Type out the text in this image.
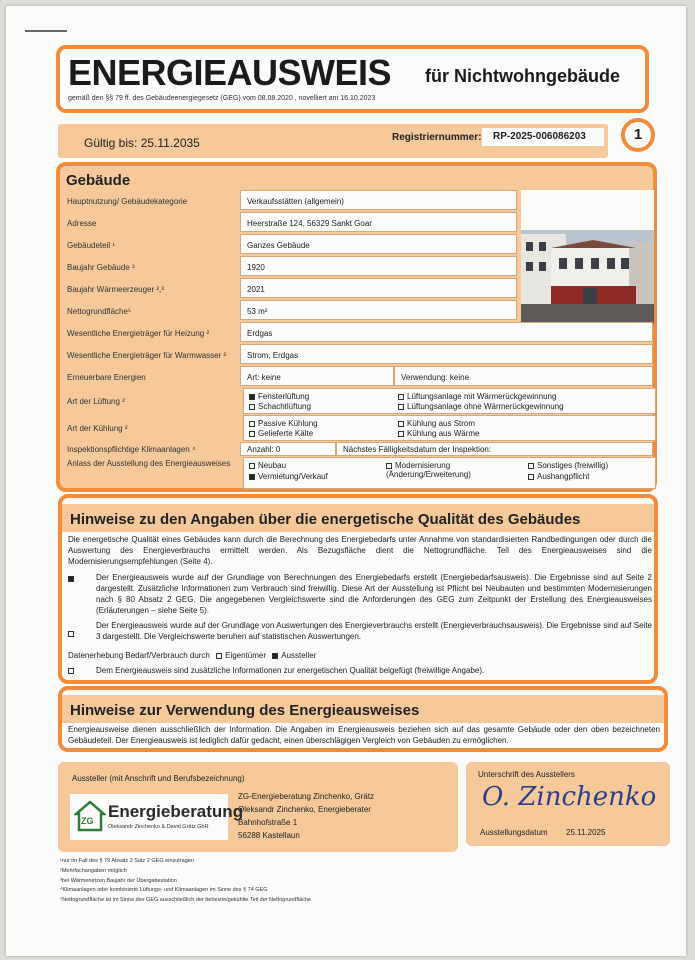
ENERGIEAUSWEIS für Nichtwohngebäude
gemäß den §§ 79 ff. des Gebäudeenergiegesetz (GEG) vom 08.08.2020 , novelliert am 16.10.2023
Gültig bis: 25.11.2035	Registriernummer:	RP-2025-006086203	1
Gebäude
Hauptnutzung/ Gebäudekategorie	Verkaufsstätten (allgemein)
Adresse	Heerstraße 124, 56329 Sankt Goar
Gebäudeteil ¹	Ganzes Gebäude
Baujahr Gebäude ³	1920
Baujahr Wärmeerzeuger ²,³	2021
Nettogrundfläche⁵	53 m²
Wesentliche Energieträger für Heizung ²	Erdgas
Wesentliche Energieträger für Warmwasser ²	Strom, Erdgas
Erneuerbare Energien	Art: keine	Verwendung: keine
Art der Lüftung ²
Fensterlüftung
Schachtlüftung
Lüftungsanlage mit Wärmerückgewinnung
Lüftungsanlage ohne Wärmerückgewinnung
Art der Kühlung ²
Passive Kühlung
Gelieferte Kälte
Kühlung aus Strom
Kühlung aus Wärme
Inspektionspflichtige Klimaanlagen ⁴	Anzahl: 0	Nächstes Fälligkeitsdatum der Inspektion:
Anlass der Ausstellung des Energieausweises	Neubau
Vermietung/Verkauf
Modernisierung (Änderung/Erweiterung)
Sonstiges (freiwillig)
Aushangpflicht
Hinweise zu den Angaben über die energetische Qualität des Gebäudes
Die energetische Qualität eines Gebäudes kann durch die Berechnung des Energiebedarfs unter Annahme von standardisierten Randbedingungen oder durch die Auswertung des Energieverbrauchs ermittelt werden. Als Bezugsfläche dient die Nettogrundfläche. Teil des Energieausweises sind die Modernisierungsempfehlungen (Seite 4).
Der Energieausweis wurde auf der Grundlage von Berechnungen des Energiebedarfs erstellt (Energiebedarfsausweis). Die Ergebnisse sind auf Seite 2 dargestellt. Zusätzliche Informationen zum Verbrauch sind freiwillig. Diese Art der Ausstellung ist Pflicht bei Neubauten und bestimmten Modernisierungen nach § 80 Absatz 2 GEG. Die angegebenen Vergleichswerte sind die Anforderungen des GEG zum Zeitpunkt der Erstellung des Energieausweises (Erläuterungen – siehe Seite 5).
Der Energieausweis wurde auf der Grundlage von Auswertungen des Energieverbrauchs erstellt (Energieverbrauchsausweis). Die Ergebnisse sind auf Seite 3 dargestellt. Die Vergleichswerte beruhen auf statistischen Auswertungen.
Datenerhebung Bedarf/Verbrauch durch Eigentümer Aussteller
Dem Energieausweis sind zusätzliche Informationen zur energetischen Qualität beigefügt (freiwillige Angabe).
Hinweise zur Verwendung des Energieausweises
Energieausweise dienen ausschließlich der Information. Die Angaben im Energieausweis beziehen sich auf das gesamte Gebäude oder den oben bezeichneten Gebäudeteil. Der Energieausweis ist lediglich dafür gedacht, einen überschlägigen Vergleich von Gebäuden zu ermöglichen.
Aussteller (mit Anschrift und Berufsbezeichnung)
ZG Energieberatung
Oleksandr Zinchenko & David Grätz GbR
ZG-Energieberatung Zinchenko, Grätz
Oleksandr Zinchenko, Energieberater
Bahnhofstraße 1
56288 Kastellaun
Unterschrift des Ausstellers
O. Zinchenko
Ausstellungsdatum 25.11.2025
¹nur im Fall des § 79 Absatz 2 Satz 2 GEG einzutragen
²Mehrfachangaben möglich
³bei Wärmenetzen Baujahr der Übergabestation
⁴Klimaanlagen oder kombinierte Lüftungs- und Klimaanlagen im Sinne des § 74 GEG
⁵Nettogrundfläche ist im Sinne des GEG ausschließlich der beheizte/gekühlte Teil der Nettogrundfläche
